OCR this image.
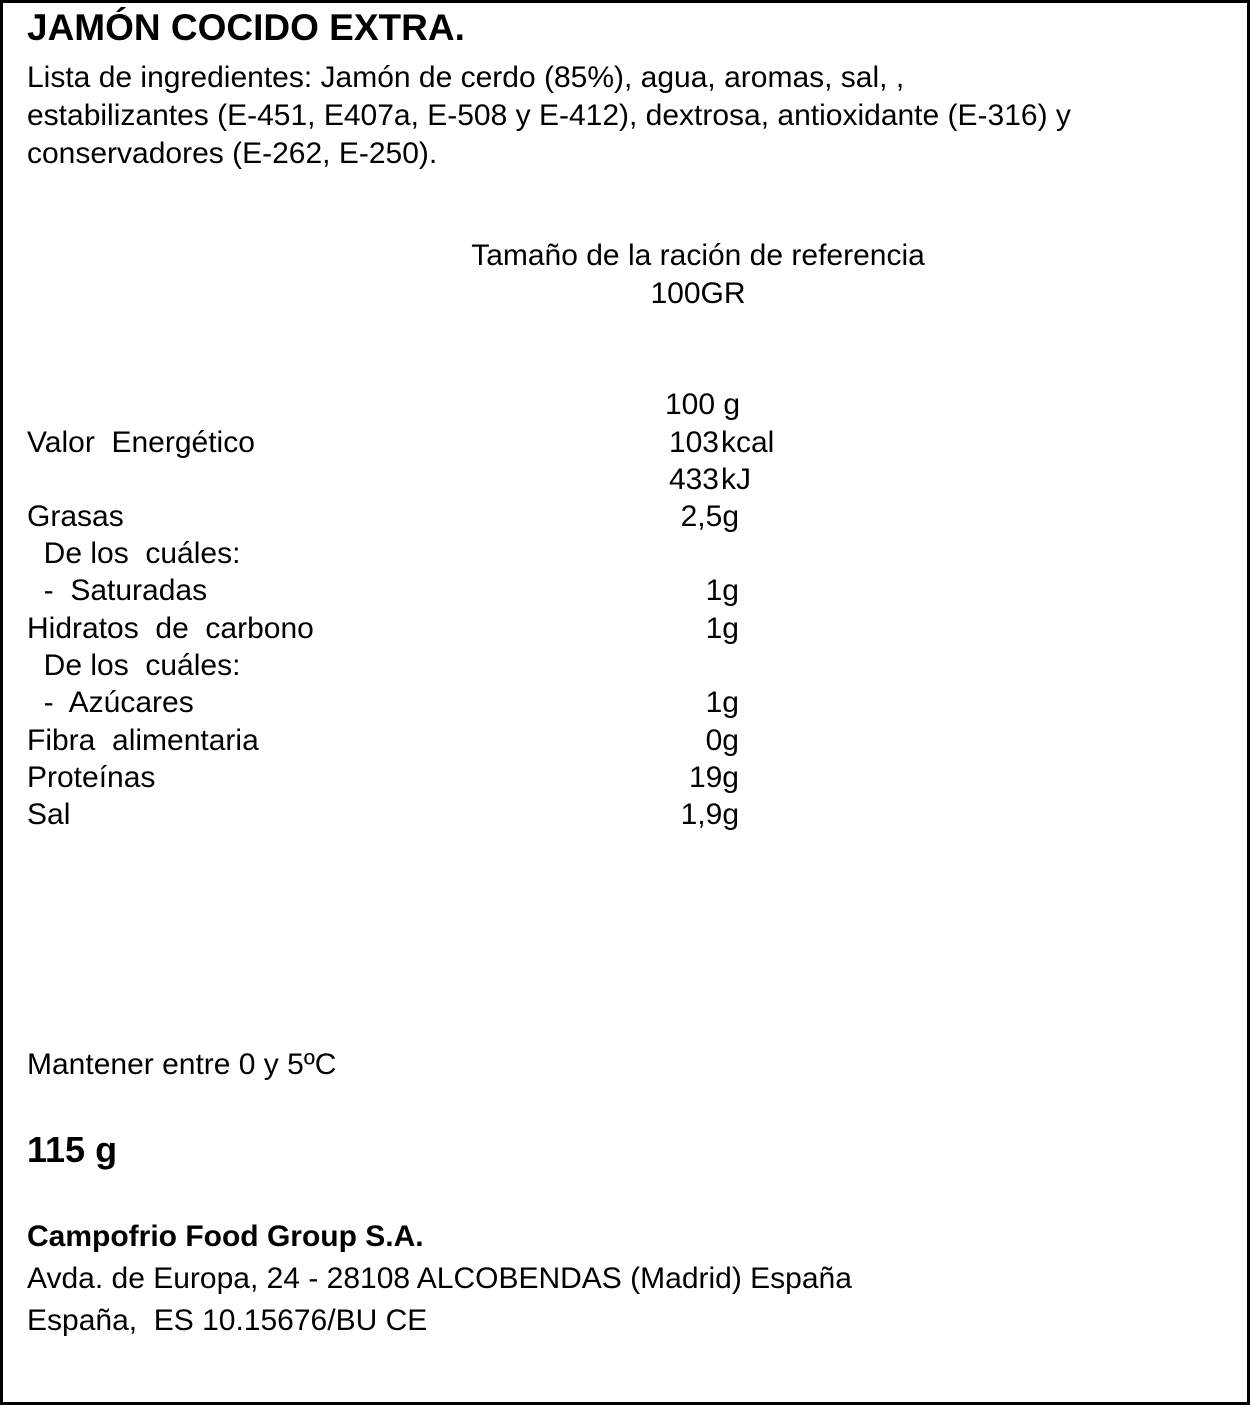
JAMÓN COCIDO EXTRA.
Lista de ingredientes: Jamón de cerdo (85%), agua, aromas, sal, ,
estabilizantes (E-451, E407a, E-508 y E-412), dextrosa, antioxidante (E-316) y
conservadores (E-262, E-250).
Tamaño de la ración de referencia 100GR
100 g
Valor  Energético	103 kcal
433 kJ
Grasas	2,5g
De los  cuáles:
-  Saturadas	1g
Hidratos  de  carbono	1g
De los  cuáles:
-  Azúcares	1g
Fibra  alimentaria	0g
Proteínas	19g
Sal	1,9g
Mantener entre 0 y 5ºC
115 g
Campofrio Food Group S.A.
Avda. de Europa, 24 - 28108 ALCOBENDAS (Madrid) España
España,  ES 10.15676/BU CE
